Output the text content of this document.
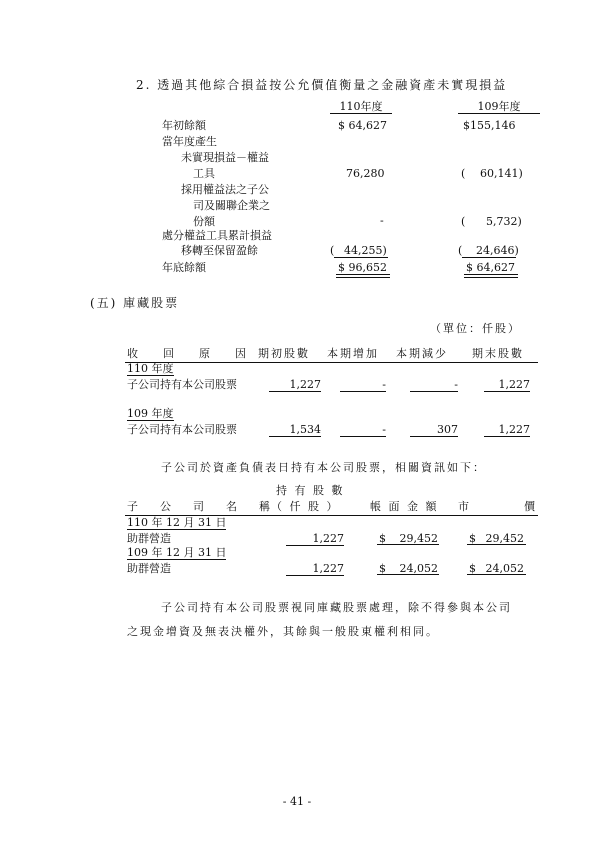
2. 透過其他綜合損益按公允價值衡量之金融資產未實現損益
110年度	109年度
年初餘額	$ 64,627	$155,146
當年度產生
未實現損益－權益
工具	76,280	( 60,141)
採用權益法之子公
司及關聯企業之
份額	-	( 5,732)
處分權益工具累計損益
移轉至保留盈餘	( 44,255)	( 24,646)
年底餘額	$ 96,652	$ 64,627
(五) 庫藏股票
（單位：仟股）
收　　回　　原　　因 期初股數 本期增加 本期減少 期末股數
110 年度
子公司持有本公司股票	1,227	-	-	1,227
109 年度
子公司持有本公司股票	1,534	-	307	1,227
子公司於資產負債表日持有本公司股票，相關資訊如下：
持 有 股 數
子　　公　　司　　名　　稱 （ 仟 股 ）	帳 面 金 額 市　　　　　價
110 年 12 月 31 日
助群營造	1,227	$	29,452	$ 29,452
109 年 12 月 31 日
助群營造	1,227	$	24,052	$ 24,052
子公司持有本公司股票視同庫藏股票處理，除不得參與本公司
之現金增資及無表決權外，其餘與一般股東權利相同。
- 41 -
